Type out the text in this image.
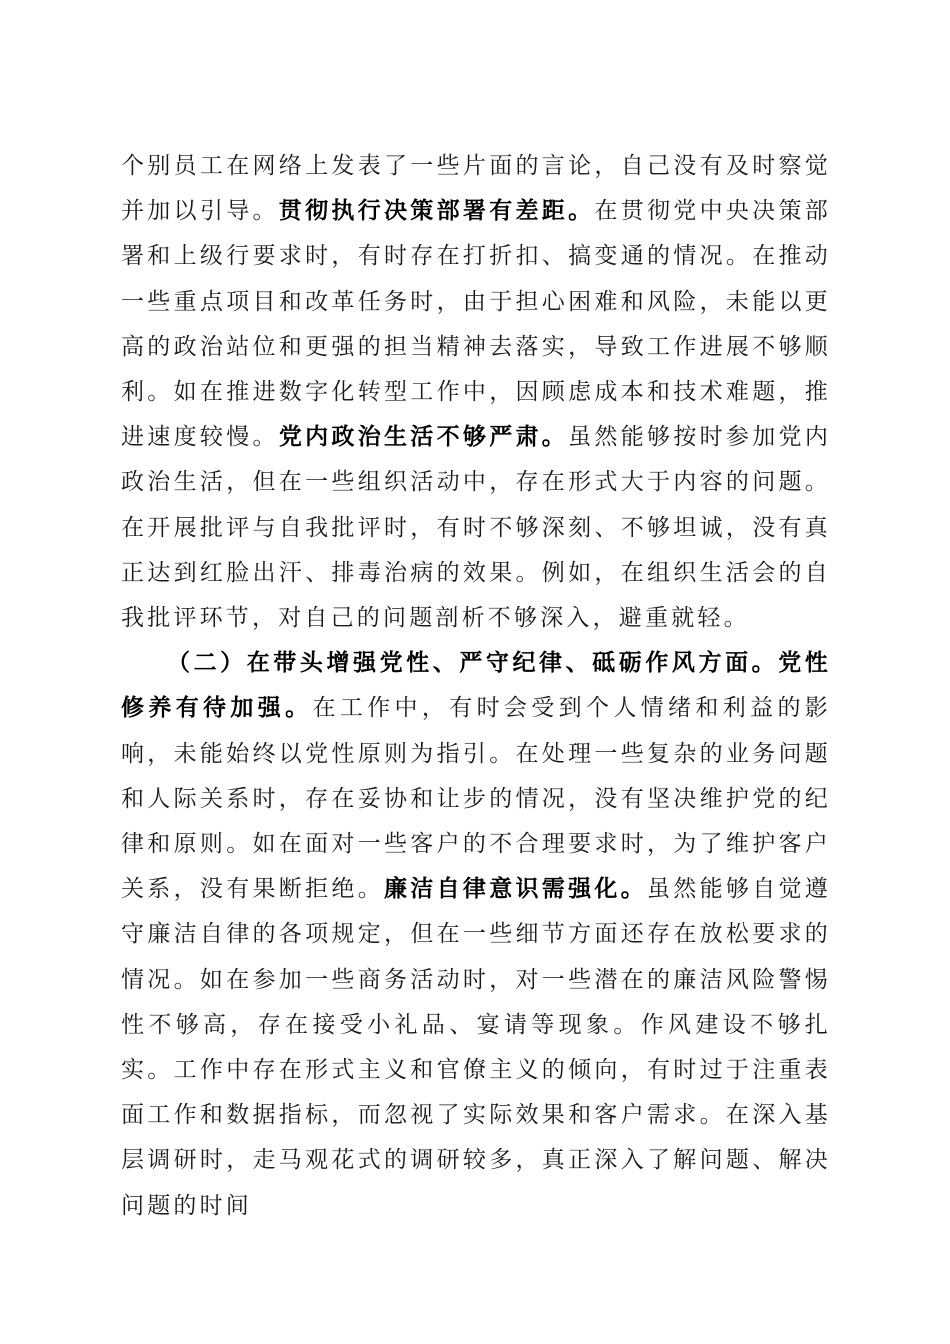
个别员工在网络上发表了一些片面的言论，自己没有及时察觉并加以引导。贯彻执行决策部署有差距。在贯彻党中央决策部署和上级行要求时，有时存在打折扣、搞变通的情况。在推动一些重点项目和改革任务时，由于担心困难和风险，未能以更高的政治站位和更强的担当精神去落实，导致工作进展不够顺利。如在推进数字化转型工作中，因顾虑成本和技术难题，推进速度较慢。党内政治生活不够严肃。虽然能够按时参加党内政治生活，但在一些组织活动中，存在形式大于内容的问题。在开展批评与自我批评时，有时不够深刻、不够坦诚，没有真正达到红脸出汗、排毒治病的效果。例如，在组织生活会的自我批评环节，对自己的问题剖析不够深入，避重就轻。

（二）在带头增强党性、严守纪律、砥砺作风方面。党性修养有待加强。在工作中，有时会受到个人情绪和利益的影响，未能始终以党性原则为指引。在处理一些复杂的业务问题和人际关系时，存在妥协和让步的情况，没有坚决维护党的纪律和原则。如在面对一些客户的不合理要求时，为了维护客户关系，没有果断拒绝。廉洁自律意识需强化。虽然能够自觉遵守廉洁自律的各项规定，但在一些细节方面还存在放松要求的情况。如在参加一些商务活动时，对一些潜在的廉洁风险警惕性不够高，存在接受小礼品、宴请等现象。作风建设不够扎实。工作中存在形式主义和官僚主义的倾向，有时过于注重表面工作和数据指标，而忽视了实际效果和客户需求。在深入基层调研时，走马观花式的调研较多，真正深入了解问题、解决问题的时间
